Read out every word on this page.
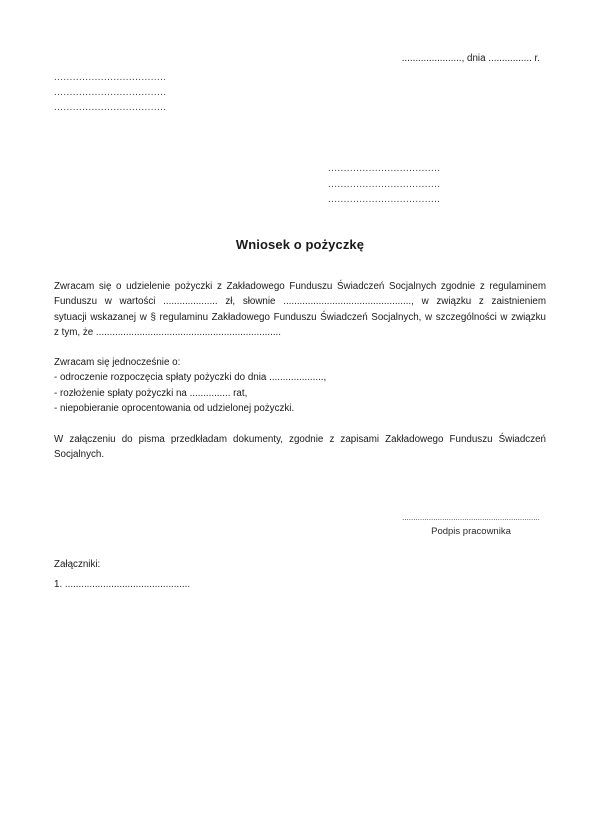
......................, dnia ................ r.
....................................
....................................
....................................
....................................
....................................
....................................
Wniosek o pożyczkę
Zwracam się o udzielenie pożyczki z Zakładowego Funduszu Świadczeń Socjalnych zgodnie z regulaminem
Funduszu w wartości .................... zł, słownie ..............................................., w związku z zaistnieniem
sytuacji wskazanej w § regulaminu Zakładowego Funduszu Świadczeń Socjalnych, w szczególności w związku
z tym, że ....................................................................
Zwracam się jednocześnie o:
- odroczenie rozpoczęcia spłaty pożyczki do dnia ....................,
- rozłożenie spłaty pożyczki na ............... rat,
- niepobieranie oprocentowania od udzielonej pożyczki.
W załączeniu do pisma przedkładam dokumenty, zgodnie z zapisami Zakładowego Funduszu Świadczeń
Socjalnych.
..............................................................
Podpis pracownika
Załączniki:
1. ..............................................
